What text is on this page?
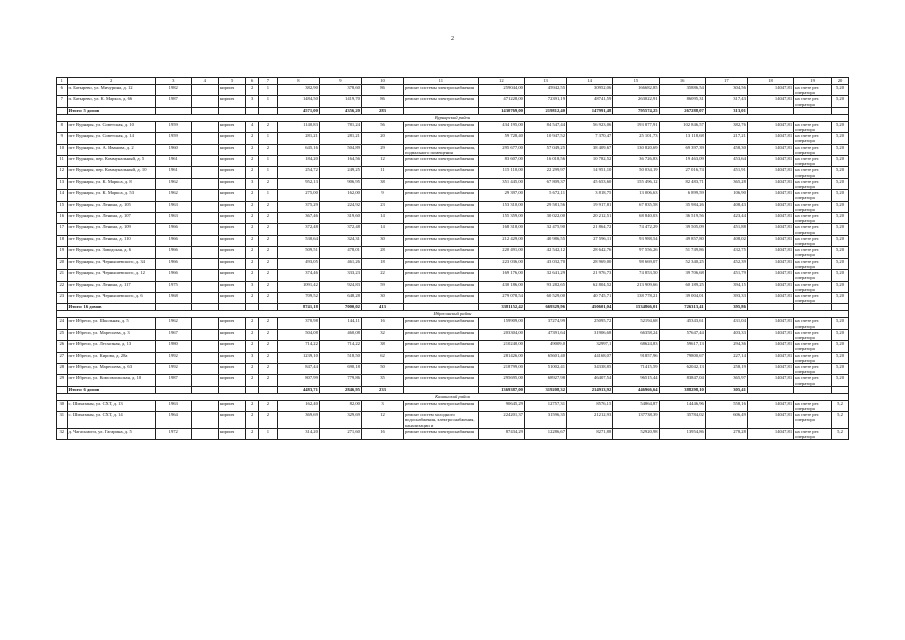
2
1	2	3	4	5	6	7	8	9	10	11	12	13	14	15	16	17	18	19	20
6	п. Батырево, ул. Мичурина, д. 12	1982		кирпич	2	1	382,90	378,60	86	ремонт системы электроснабжения	259044,00	45942,55	30952,06	166682,85	35886,54	304,56	14047,81	на счете рег. оператора	5,20
7	п. Батырево, ул. К. Маркса, д. 66	1987		кирпич	3	1	1484,50	1419,70	86	ремонт системы электроснабжения	471228,00	72391,19	48741,59	263022,91	86095,31	317,43	14047,81	на счете рег. оператора	5,20
	Итого: 5 домов						4571,00	4356,20	283		1430769,00	219812,40	147991,48	795574,25	267288,07	313,01			
Вурнарский район																			
8	пгт Вурнары, ул. Советская, д. 10	1959		кирпич	4	2	1140,83	781,24	56	ремонт системы электроснабжения	434 195,00	84 547,44	56 923,06	193 877,91	102 846,57	382,76	14047,81	на счете рег. оператора	5,20
9	пгт Вурнары, ул. Советская, д. 14	1959		кирпич	2	1	281,21	281,21	20	ремонт системы электроснабжения	59 728,40	10 947,52	7 370,47	25 101,73	13 118,68	217,21	14047,81	на счете рег. оператора	5,20
10	пгт Вурнары, ул. А. Иванова, д. 2	1960		кирпич	2	2	645,16	504,89	29	ремонт системы электроснабжения, подвального помещения	295 677,00	57 049,25	38 409,67	130 820,69	69 397,39	458,30	14047,81	на счете рег. оператора	5,20
11	пгт Вурнары, пер. Коммунальный, д. 5	1961		кирпич	2	1	184,20	164,56	12	ремонт системы электроснабжения	83 607,00	16 018,56	10 782,52	36 726,83	19 463,09	453,64	14047,81	на счете рег. оператора	5,20
12	пгт Вурнары, пер. Коммунальный, д. 10	1961		кирпич	2	1	254,72	249,25	11	ремонт системы электроснабжения	115 110,00	22 299,97	14 951,10	50 034,19	27 016,74	451,91	14047,81	на счете рег. оператора	5,20
13	пгт Вурнары, ул. К. Маркса, д. 8	1962		кирпич	3	2	952,13	906,95	38	ремонт системы электроснабжения	351 445,00	67 809,37	45 653,60	155 496,12	82 483,71	365,28	14047,81	на счете рег. оператора	5,20
14	пгт Вурнары, ул. К. Маркса, д. 53	1962		кирпич	2	1	275,00	162,00	9	ремонт системы электроснабжения	29 397,00	5 672,11	3 818,75	13 006,63	6 899,59	106,90	14047,81	на счете рег. оператора	5,20
15	пгт Вурнары, ул. Ленина, д. 105	1963		кирпич	2	2	375,29	224,92	23	ремонт системы электроснабжения	153 310,00	29 581,56	19 917,81	67 835,58	35 984,26	408,43	14047,81	на счете рег. оператора	5,20
16	пгт Вурнары, ул. Ленина, д. 107	1963		кирпич	2	2	367,46	319,60	14	ремонт системы электроснабжения	155 359,00	30 022,00	20 212,51	68 840,03	36 519,56	423,44	14047,81	на счете рег. оператора	5,20
17	пгт Вурнары, ул. Ленина, д. 109	1966		кирпич	2	2	372,48	372,48	14	ремонт системы электроснабжения	168 318,00	32 475,90	21 864,72	74 472,29	39 505,09	451,88	14047,81	на счете рег. оператора	5,20
18	пгт Вурнары, ул. Ленина, д. 110	1966		кирпич	2	2	530,64	324,31	30	ремонт системы электроснабжения	212 429,00	40 986,55	27 596,11	93 988,54	49 857,80	408,02	14047,81	на счете рег. оператора	5,20
19	пгт Вурнары, ул. Заводская, д. 6	1966		кирпич	2	2	509,51	478,01	28	ремонт системы электроснабжения	220 491,00	42 542,12	28 642,76	97 556,26	51 749,86	432,75	14047,81	на счете рег. оператора	5,20
20	пгт Вурнары, ул. Чернышевского, д. 34	1966		кирпич	2	2	493,05	461,26	18	ремонт системы электроснабжения	223 036,00	43 032,70	28 969,00	98 669,07	52 340,25	452,39	14047,81	на счете рег. оператора	5,20
21	пгт Вурнары, ул. Чернышевского, д. 12	1966		кирпич	2	2	374,46	333,23	22	ремонт системы электроснабжения	169 176,00	32 641,29	21 976,73	74 853,50	39 706,68	451,79	14047,81	на счете рег. оператора	5,20
22	пгт Вурнары, ул. Ленина, д. 117	1975		кирпич	3	2	1091,42	924,83	59	ремонт системы электроснабжения	430 186,00	93 282,65	62 804,52	213 909,66	60 189,25	394,15	14047,81	на счете рег. оператора	5,20
23	пгт Вурнары, ул. Чернышевского, д. 6	1968		кирпич	2	2	709,52	648,28	30	ремонт системы электроснабжения	279 078,54	60 529,00	40 745,71	138 778,21	39 004,01	393,33	14047,81	на счете рег. оператора	5,20
	Итого: 16 домов						8741,18	7000,02	413		3381152,42	669329,96	450601,04	1534866,01	726313,41	395,86			
Ибресинский район																			
24	пгт Ибреси, ул. Школьная, д. 5	1962		кирпич	2	2	370,98	144,11	16	ремонт системы электроснабжения	159909,00	37274,99	25095,72	52194,68	45343,61	431,04	14047,81	на счете рег. оператора	5,20
25	пгт Ибреси, ул. Маресьева, д. 3	1967		кирпич	2	2	504,08	460,08	32	ремонт системы электроснабжения	203304,00	47391,64	31906,68	66358,24	57647,44	403,33	14047,81	на счете рег. оператора	5,20
26	пгт Ибреси, ул. Лесхозная, д. 13	1980		кирпич	2	2	714,22	714,22	38	ремонт системы электроснабжения	210240,00	49009,0	32997,1	68624,83	59617,13	294,36	14047,81	на счете рег. оператора	5,20
27	пгт Ибреси, ул. Кирова, д. 28а	1992		кирпич	3	2	1239,10	518,50	62	ремонт системы электроснабжения	281426,00	65601,40	44168,07	91857,96	79800,67	227,14	14047,81	на счете рег. оператора	5,20
28	пгт Ибреси, ул. Маресьева, д. 63	1992		кирпич	2	2	847,44	690,18	50	ремонт системы электроснабжения	218799,00	51002,41	34338,85	71415,59	62042,13	258,19	14047,81	на счете рег. оператора	5,20
29	пгт Ибреси, ул. Комсомольская, д. 10	1987		кирпич	2	2	807,99	779,86	35	ремонт системы электроснабжения	295695,00	68927,98	46407,54	96515,44	83847,04	365,97	14047,81	на счете рег. оператора	5,20
	Итого: 6 домов						4483,71	2846,95	233		1369387,00	319208,32	214913,92	446966,64	388298,10	305,41			
Канашский район																			
30	с. Шихазаны, ул. СХТ, д. 13	1963		кирпич	2	2	162,40	82,00	3	ремонт системы электроснабжения	90645,29	12757,31	8576,15	54864,87	14446,96	558,16	14047,81	на счете рег. оператора	5,2
31	с. Шихазаны, ул. СХТ, д. 14	1964		кирпич	2	2	369,69	329,69	12	ремонт систем холодного водоснабжения, электроснабжения, канализации и	224201,37	31596,35	21212,93	137738,39	35784,02	606,49	14047,81	на счете рег. оператора	5,2
32	д. Чагасьмоги, ул. Гагарина, д. 5	1972		кирпич	2	1	314,20	271,60	16	ремонт системы электроснабжения	87434,29	12286,67	8271,88	52920,98	13954,86	278,28	14047,81	на счете рег. оператора	5,2
